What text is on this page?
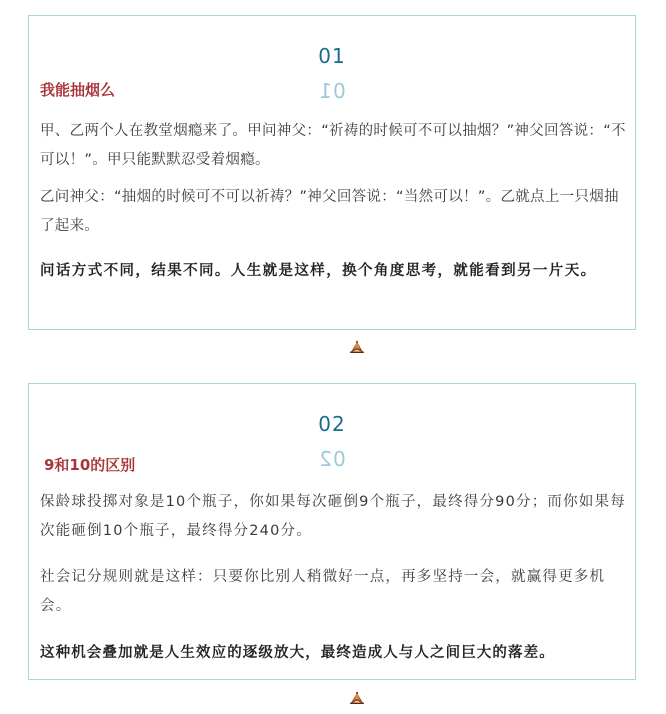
01
01
我能抽烟么

甲、乙两个人在教堂烟瘾来了。甲问神父：“祈祷的时候可不可以抽烟？”神父回答说：“不可以！”。甲只能默默忍受着烟瘾。

乙问神父：“抽烟的时候可不可以祈祷？”神父回答说：“当然可以！”。乙就点上一只烟抽了起来。

问话方式不同，结果不同。人生就是这样，换个角度思考，就能看到另一片天。

02
02
9和10的区别

保龄球投掷对象是10个瓶子，你如果每次砸倒9个瓶子，最终得分90分；而你如果每次能砸倒10个瓶子，最终得分240分。

社会记分规则就是这样：只要你比别人稍微好一点，再多坚持一会，就赢得更多机会。

这种机会叠加就是人生效应的逐级放大，最终造成人与人之间巨大的落差。
